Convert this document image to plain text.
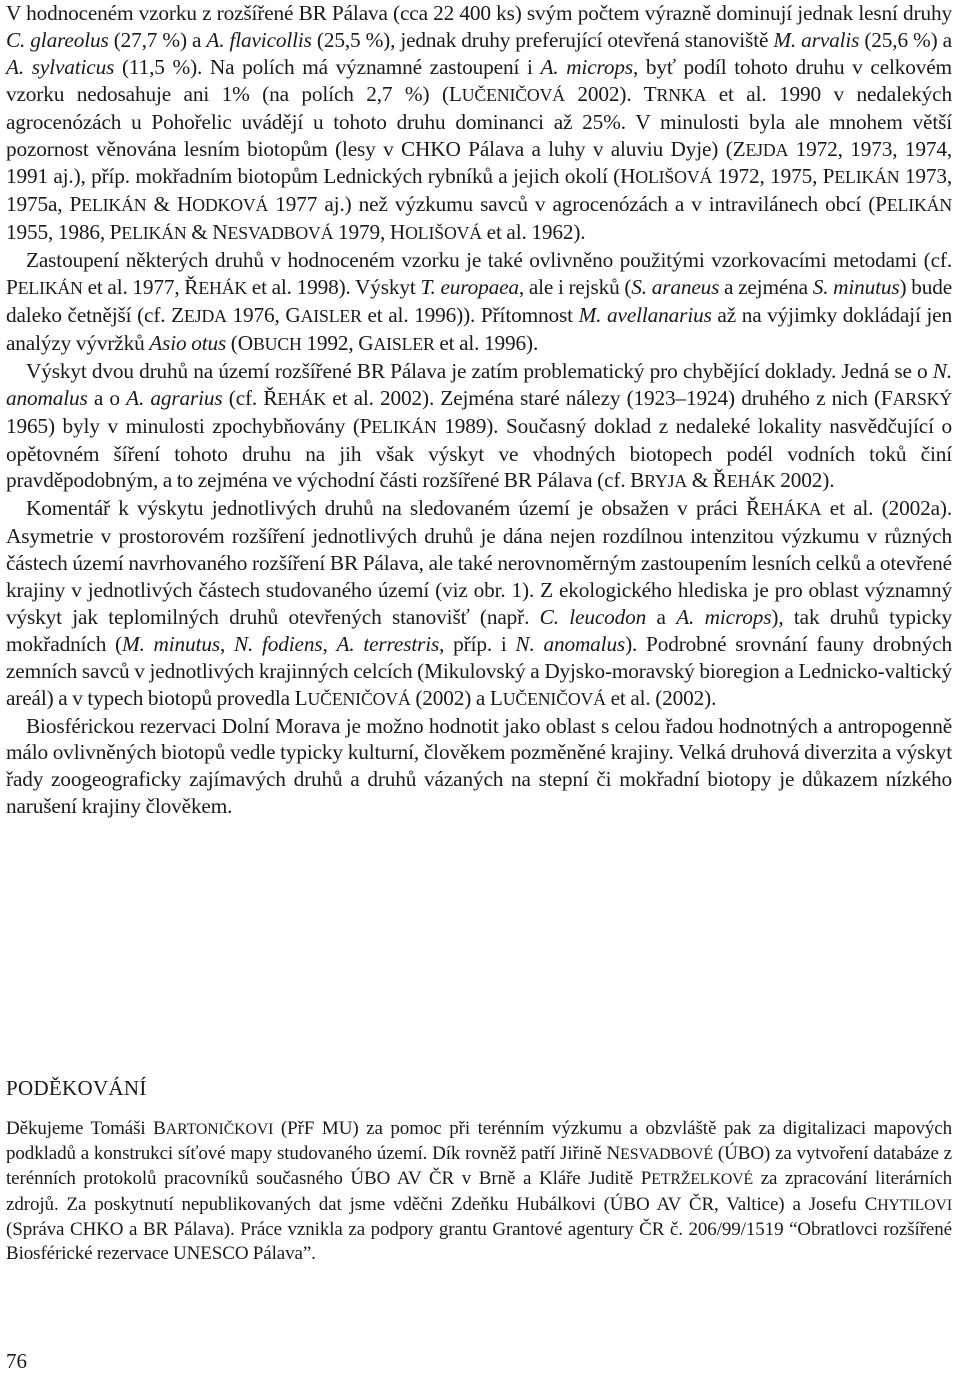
V hodnoceném vzorku z rozšířené BR Pálava (cca 22 400 ks) svým počtem výrazně dominují jednak lesní druhy C. glareolus (27,7 %) a A. flavicollis (25,5 %), jednak druhy preferující otevřená stanoviště M. arvalis (25,6 %) a A. sylvaticus (11,5 %). Na polích má významné zastoupení i A. microps, byť podíl tohoto druhu v celkovém vzorku nedosahuje ani 1% (na polích 2,7 %) (LUČENIČOVÁ 2002). TRNKA et al. 1990 v nedalekých agrocenózách u Pohořelic uvádějí u tohoto druhu dominanci až 25%. V minulosti byla ale mnohem větší pozornost věnována lesním biotopům (lesy v CHKO Pálava a luhy v aluviu Dyje) (ZEJDA 1972, 1973, 1974, 1991 aj.), příp. mokřadním biotopům Lednických rybníků a jejich okolí (HOLIŠOVÁ 1972, 1975, PELIKÁN 1973, 1975a, PELIKÁN & HODKOVÁ 1977 aj.) než výzkumu savců v agrocenózách a v intravilánech obcí (PELIKÁN 1955, 1986, PELIKÁN & NESVADBOVÁ 1979, HOLIŠOVÁ et al. 1962).

Zastoupení některých druhů v hodnoceném vzorku je také ovlivněno použitými vzorkovacími metodami (cf. PELIKÁN et al. 1977, ŘEHÁK et al. 1998). Výskyt T. europaea, ale i rejsků (S. araneus a zejména S. minutus) bude daleko četnější (cf. ZEJDA 1976, GAISLER et al. 1996)). Přítomnost M. avellanarius až na výjimky dokládají jen analýzy vývržků Asio otus (OBUCH 1992, GAISLER et al. 1996).

Výskyt dvou druhů na území rozšířené BR Pálava je zatím problematický pro chybějící doklady. Jedná se o N. anomalus a o A. agrarius (cf. ŘEHÁK et al. 2002). Zejména staré nálezy (1923–1924) druhého z nich (FARSKÝ 1965) byly v minulosti zpochybňovány (PELIKÁN 1989). Současný doklad z nedaleké lokality nasvědčující o opětovném šíření tohoto druhu na jih však výskyt ve vhodných biotopech podél vodních toků činí pravděpodobným, a to zejména ve východní části rozšířené BR Pálava (cf. BRYJA & ŘEHÁK 2002).

Komentář k výskytu jednotlivých druhů na sledovaném území je obsažen v práci ŘEHÁKA et al. (2002a). Asymetrie v prostorovém rozšíření jednotlivých druhů je dána nejen rozdílnou intenzitou výzkumu v různých částech území navrhovaného rozšíření BR Pálava, ale také nerovnoměrným zastoupením lesních celků a otevřené krajiny v jednotlivých částech studovaného území (viz obr. 1). Z ekologického hlediska je pro oblast významný výskyt jak teplomilných druhů otevřených stanovišť (např. C. leucodon a A. microps), tak druhů typicky mokřadních (M. minutus, N. fodiens, A. terrestris, příp. i N. anomalus). Podrobné srovnání fauny drobných zemních savců v jednotlivých krajinných celcích (Mikulovský a Dyjsko-moravský bioregion a Lednicko-valtický areál) a v typech biotopů provedla LUČENIČOVÁ (2002) a LUČENIČOVÁ et al. (2002).

Biosférickou rezervaci Dolní Morava je možno hodnotit jako oblast s celou řadou hodnotných a antropogenně málo ovlivněných biotopů vedle typicky kulturní, člověkem pozměněné krajiny. Velká druhová diverzita a výskyt řady zoogeograficky zajímavých druhů a druhů vázaných na stepní či mokřadní biotopy je důkazem nízkého narušení krajiny člověkem.

PODĚKOVÁNÍ

Děkujeme Tomáši BARTONIČKOVI (PřF MU) za pomoc při terénním výzkumu a obzvláště pak za digitalizaci mapových podkladů a konstrukci síťové mapy studovaného území. Dík rovněž patří Jiřině NESVADBOVÉ (ÚBO) za vytvoření databáze z terénních protokolů pracovníků současného ÚBO AV ČR v Brně a Kláře Juditě PETRŽELKOVÉ za zpracování literárních zdrojů. Za poskytnutí nepublikovaných dat jsme vděčni Zdeňku Hubálkovi (ÚBO AV ČR, Valtice) a Josefu CHYTILOVI (Správa CHKO a BR Pálava). Práce vznikla za podpory grantu Grantové agentury ČR č. 206/99/1519 “Obratlovci rozšířené Biosférické rezervace UNESCO Pálava”.

76
